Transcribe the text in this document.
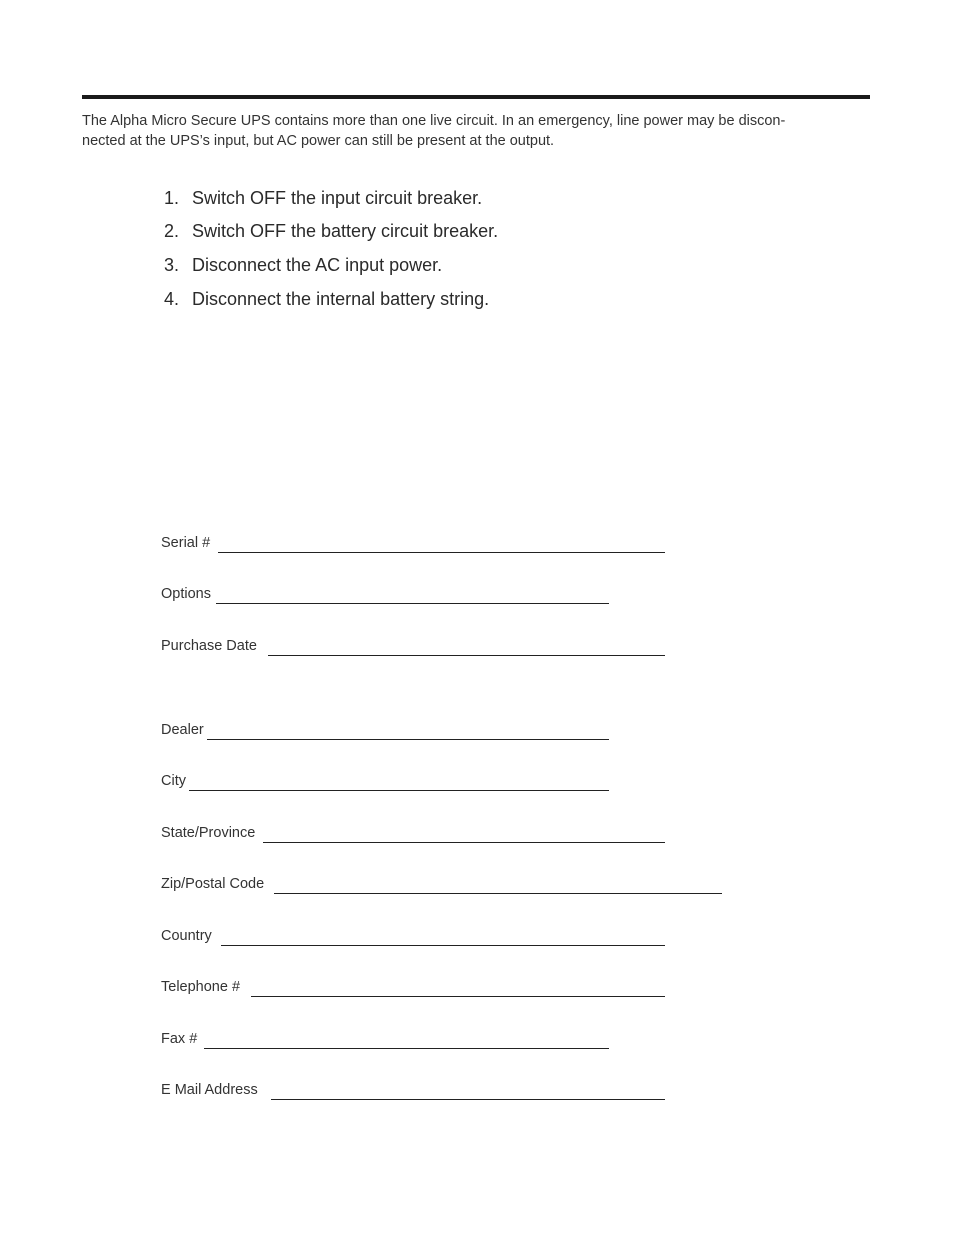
The Alpha Micro Secure UPS contains more than one live circuit. In an emergency, line power may be discon-
nected at the UPS’s input, but AC power can still be present at the output.

1. Switch OFF the input circuit breaker.
2. Switch OFF the battery circuit breaker.
3. Disconnect the AC input power.
4. Disconnect the internal battery string.
Serial #
Options
Purchase Date
Dealer
City
State/Province
Zip/Postal Code
Country
Telephone #
Fax #
E Mail Address
